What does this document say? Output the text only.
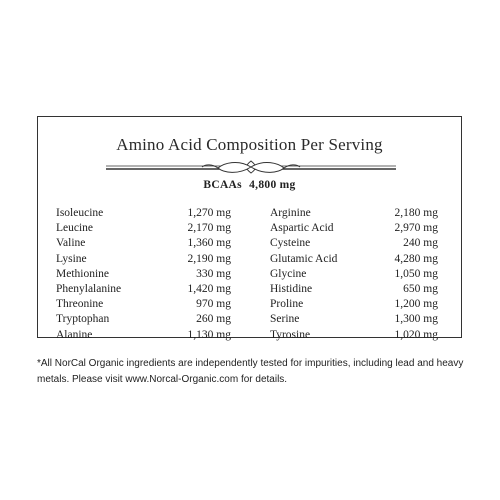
Amino Acid Composition Per Serving
BCAAs 4,800 mg
Isoleucine	1,270 mg
Leucine	2,170 mg
Valine	1,360 mg
Lysine	2,190 mg
Methionine	330 mg
Phenylalanine	1,420 mg
Threonine	970 mg
Tryptophan	260 mg
Alanine	1,130 mg
Arginine	2,180 mg
Aspartic Acid	2,970 mg
Cysteine	240 mg
Glutamic Acid	4,280 mg
Glycine	1,050 mg
Histidine	650 mg
Proline	1,200 mg
Serine	1,300 mg
Tyrosine	1,020 mg
*All NorCal Organic ingredients are independently tested for impurities, including lead and heavy metals. Please visit www.Norcal-Organic.com for details.
